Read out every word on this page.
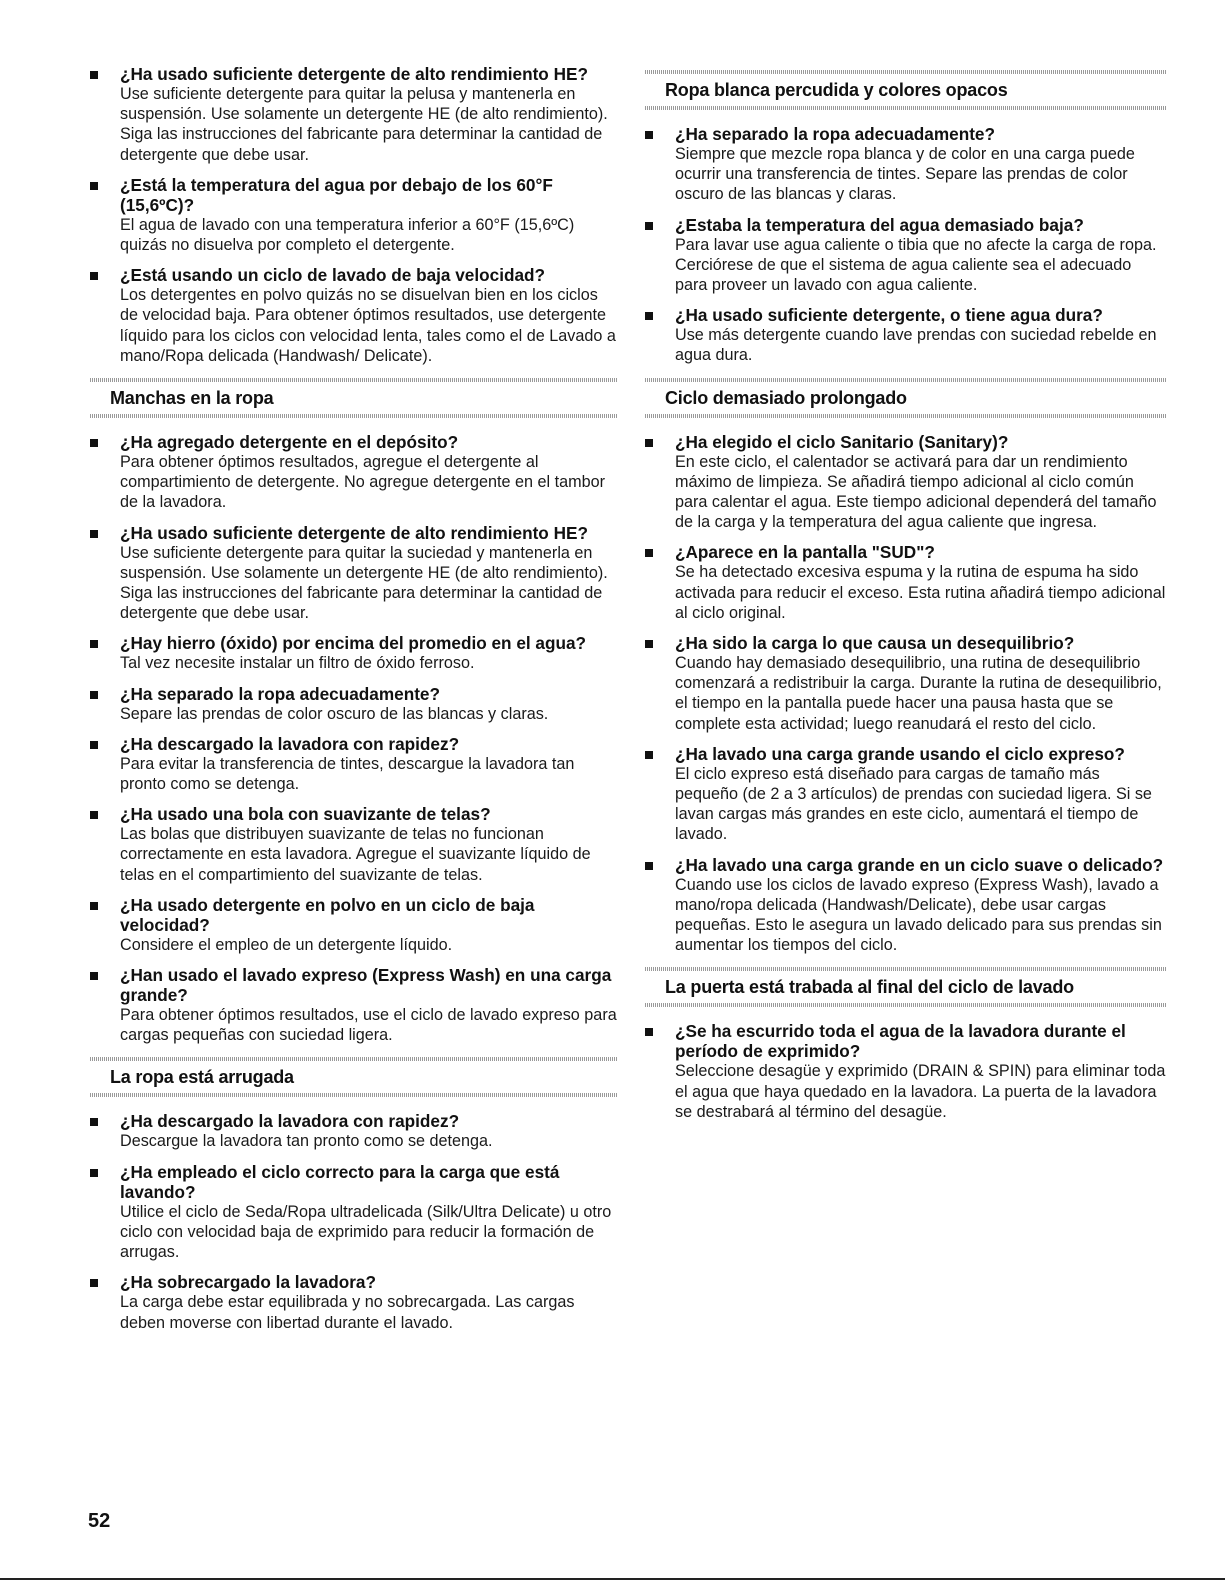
¿Ha usado suficiente detergente de alto rendimiento HE?

Use suficiente detergente para quitar la pelusa y mantenerla en suspensión. Use solamente un detergente HE (de alto rendimiento). Siga las instrucciones del fabricante para determinar la cantidad de detergente que debe usar.

¿Está la temperatura del agua por debajo de los 60°F (15,6ºC)?

El agua de lavado con una temperatura inferior a 60°F (15,6ºC) quizás no disuelva por completo el detergente.

¿Está usando un ciclo de lavado de baja velocidad?

Los detergentes en polvo quizás no se disuelvan bien en los ciclos de velocidad baja. Para obtener óptimos resultados, use detergente líquido para los ciclos con velocidad lenta, tales como el de Lavado a mano/Ropa delicada (Handwash/ Delicate).

Manchas en la ropa

¿Ha agregado detergente en el depósito?

Para obtener óptimos resultados, agregue el detergente al compartimiento de detergente. No agregue detergente en el tambor de la lavadora.

¿Ha usado suficiente detergente de alto rendimiento HE?

Use suficiente detergente para quitar la suciedad y mantenerla en suspensión. Use solamente un detergente HE (de alto rendimiento). Siga las instrucciones del fabricante para determinar la cantidad de detergente que debe usar.

¿Hay hierro (óxido) por encima del promedio en el agua?

Tal vez necesite instalar un filtro de óxido ferroso.

¿Ha separado la ropa adecuadamente?

Separe las prendas de color oscuro de las blancas y claras.

¿Ha descargado la lavadora con rapidez?

Para evitar la transferencia de tintes, descargue la lavadora tan pronto como se detenga.

¿Ha usado una bola con suavizante de telas?

Las bolas que distribuyen suavizante de telas no funcionan correctamente en esta lavadora. Agregue el suavizante líquido de telas en el compartimiento del suavizante de telas.

¿Ha usado detergente en polvo en un ciclo de baja velocidad?

Considere el empleo de un detergente líquido.

¿Han usado el lavado expreso (Express Wash) en una carga grande?

Para obtener óptimos resultados, use el ciclo de lavado expreso para cargas pequeñas con suciedad ligera.

La ropa está arrugada

¿Ha descargado la lavadora con rapidez?

Descargue la lavadora tan pronto como se detenga.

¿Ha empleado el ciclo correcto para la carga que está lavando?

Utilice el ciclo de Seda/Ropa ultradelicada (Silk/Ultra Delicate) u otro ciclo con velocidad baja de exprimido para reducir la formación de arrugas.

¿Ha sobrecargado la lavadora?

La carga debe estar equilibrada y no sobrecargada. Las cargas deben moverse con libertad durante el lavado.

Ropa blanca percudida y colores opacos

¿Ha separado la ropa adecuadamente?

Siempre que mezcle ropa blanca y de color en una carga puede ocurrir una transferencia de tintes. Separe las prendas de color oscuro de las blancas y claras.

¿Estaba la temperatura del agua demasiado baja?

Para lavar use agua caliente o tibia que no afecte la carga de ropa. Cerciórese de que el sistema de agua caliente sea el adecuado para proveer un lavado con agua caliente.

¿Ha usado suficiente detergente, o tiene agua dura?

Use más detergente cuando lave prendas con suciedad rebelde en agua dura.

Ciclo demasiado prolongado

¿Ha elegido el ciclo Sanitario (Sanitary)?

En este ciclo, el calentador se activará para dar un rendimiento máximo de limpieza. Se añadirá tiempo adicional al ciclo común para calentar el agua. Este tiempo adicional dependerá del tamaño de la carga y la temperatura del agua caliente que ingresa.

¿Aparece en la pantalla "SUD"?

Se ha detectado excesiva espuma y la rutina de espuma ha sido activada para reducir el exceso. Esta rutina añadirá tiempo adicional al ciclo original.

¿Ha sido la carga lo que causa un desequilibrio?

Cuando hay demasiado desequilibrio, una rutina de desequilibrio comenzará a redistribuir la carga. Durante la rutina de desequilibrio, el tiempo en la pantalla puede hacer una pausa hasta que se complete esta actividad; luego reanudará el resto del ciclo.

¿Ha lavado una carga grande usando el ciclo expreso?

El ciclo expreso está diseñado para cargas de tamaño más pequeño (de 2 a 3 artículos) de prendas con suciedad ligera. Si se lavan cargas más grandes en este ciclo, aumentará el tiempo de lavado.

¿Ha lavado una carga grande en un ciclo suave o delicado?

Cuando use los ciclos de lavado expreso (Express Wash), lavado a mano/ropa delicada (Handwash/Delicate), debe usar cargas pequeñas. Esto le asegura un lavado delicado para sus prendas sin aumentar los tiempos del ciclo.

La puerta está trabada al final del ciclo de lavado

¿Se ha escurrido toda el agua de la lavadora durante el período de exprimido?

Seleccione desagüe y exprimido (DRAIN & SPIN) para eliminar toda el agua que haya quedado en la lavadora. La puerta de la lavadora se destrabará al término del desagüe.

52
